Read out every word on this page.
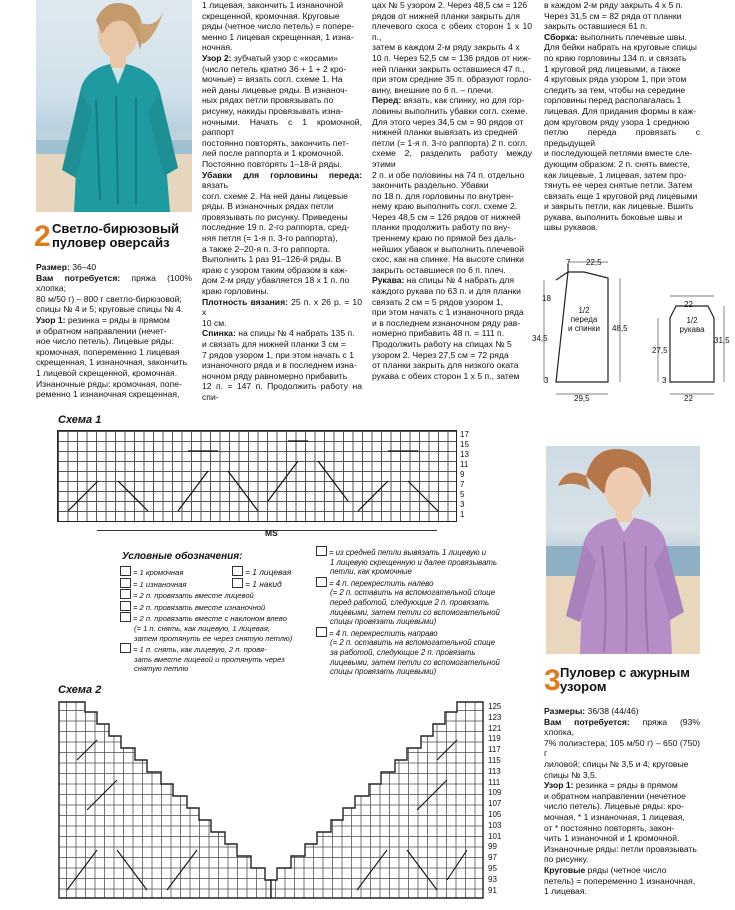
2 Светло-бирюзовый
пуловер оверсайз

Размер: 36–40

Вам потребуется: пряжа (100% хлопка;

80 м/50 г) – 800 г светло-бирюзовой;

спицы № 4 и 5; круговые спицы № 4.

Узор 1: резинка = ряды в прямом

и обратном направлении (нечет-

ное число петель). Лицевые ряды:

кромочная, попеременно 1 лицевая

скрещенная, 1 изнаночная, закончить

1 лицевой скрещенной, кромочная.

Изнаночные ряды: кромочная, попе-

ременно 1 изнаночная скрещенная,

1 лицевая, закончить 1 изнаночной

скрещенной, кромочная. Круговые

ряды (четное число петель) = попере-

менно 1 лицевая скрещенная, 1 изна-

ночная.

Узор 2: зубчатый узор с «косами»

(число петель кратно 36 + 1 + 2 кро-

мочные) = вязать согл. схеме 1. На

ней даны лицевые ряды. В изнаноч-

ных рядах петли провязывать по

рисунку, накиды провязывать изна-

ночными. Начать с 1 кромочной, раппорт

постоянно повторять, закончить пет-

лей после раппорта и 1 кромочной.

Постоянно повторять 1–18-й ряды.

Убавки для горловины переда: вязать

согл. схеме 2. На ней даны лицевые

ряды. В изнаночных рядах петли

провязывать по рисунку. Приведены

последние 19 п. 2-го раппорта, сред-

няя петля (= 1-я п. 3-го раппорта),

а также 2–20-я п. 3-го раппорта.

Выполнить 1 раз 91–126-й ряды. В

краю с узором таким образом в каж-

дом 2-м ряду убавляется 18 х 1 п. по

краю горловины.

Плотность вязания: 25 п. х 26 р. = 10 х

10 см.

Спинка: на спицы № 4 набрать 135 п.

и связать для нижней планки 3 см =

7 рядов узором 1, при этом начать с 1

изнаночного ряда и в последнем изна-

ночном ряду равномерно прибавить

12 п. = 147 п. Продолжить работу на спи-

цах № 5 узором 2. Через 48,5 см = 126

рядов от нижней планки закрыть для

плечевого скоса с обеих сторон 1 х 10 п.,

затем в каждом 2-м ряду закрыть 4 х

10 п. Через 52,5 см = 136 рядов от ниж-

ней планки закрыть оставшиеся 47 п.,

при этом средние 35 п. образуют горло-

вину, внешние по 6 п. – плечи.

Перед: вязать, как спинку, но для гор-

ловины выполнить убавки согл. схеме.

Для этого через 34,5 см = 90 рядов от

нижней планки вывязать из средней

петли (= 1-я п. 3-го раппорта) 2 п. согл.

схеме 2, разделить работу между этими

2 п. и обе половины на 74 п. отдельно

закончить раздельно. Убавки

по 18 п. для горловины по внутрен-

нему краю выполнить согл. схеме 2.

Через 48,5 см = 126 рядов от нижней

планки продолжить работу по вну-

треннему краю по прямой без даль-

нейших убавок и выполнить плечевой

скос, как на спинке. На высоте спинки

закрыть оставшиеся по 6 п. плеч.

Рукава: на спицы № 4 набрать для

каждого рукава по 63 п. и для планки

связать 2 см = 5 рядов узором 1,

при этом начать с 1 изнаночного ряда

и в последнем изнаночном ряду рав-

номерно прибавить 48 п. = 111 п.

Продолжить работу на спицах № 5

узором 2. Через 27,5 см = 72 ряда

от планки закрыть для низкого оката

рукава с обеих сторон 1 х 5 п., затем

в каждом 2-м ряду закрыть 4 х 5 п.

Через 31,5 см = 82 ряда от планки

закрыть оставшиеся 61 п.

Сборка: выполнить плечевые швы.

Для бейки набрать на круговые спицы

по краю горловины 134 п. и связать

1 круговой ряд лицевыми, а также

4 круговых ряда узором 1, при этом

следить за тем, чтобы на середине

горловины перед располагалась 1

лицевая. Для придания формы в каж-

дом круговом ряду узора 1 среднюю

петлю переда провязать с предыдущей

и последующей петлями вместе сле-

дующим образом: 2 п. снять вместе,

как лицевые, 1 лицевая, затем про-

тянуть ее через снятые петли. Затем

связать еще 1 круговой ряд лицевыми

и закрыть петли, как лицевые. Вшить

рукава, выполнить боковые швы и

швы рукавов.

7 22,5
18
34,5
48,5
3
29,5
22
27,5
31,5
3
22
1/2
переда
и спинки
1/2
рукава
Схема 1
17
15
13
11
9
7
5
3
1
MS
Условные обозначения:
= 1 кромочная
= 1 изнаночная
= 2 п. провязать вместе лицевой
= 2 п. провязать вместе изнаночной
= 2 п. провязать вместе с наклоном влево
(= 1 п. снять, как лицевую, 1 лицевая,
затем протянуть ее через снятую петлю)
= 1 п. снять, как лицевую, 2 п. провя-
зать вместе лицевой и протянуть через
снятую петлю
= 1 лицевая
= 1 накид
= из средней петли вывязать 1 лицевую и
1 лицевую скрещенную и далее провязывать
петли, как кромочные
= 4 п. перекрестить налево
(= 2 п. оставить на вспомогательной спице
перед работой, следующие 2 п. провязать
лицевыми, затем петли со вспомогательной
спицы провязать лицевыми)
= 4 п. перекрестить направо
(= 2 п. оставить на вспомогательной спице
за работой, следующие 2 п. провязать
лицевыми, затем петли со вспомогательной
спицы провязать лицевыми)
Схема 2
125
123
121
119
117
115
113
111
109
107
105
103
101
99
97
95
93
91
3 Пуловер с ажурным
узором

Размеры: 36/38 (44/46)

Вам потребуется: пряжа (93% хлопка,

7% полиэстера; 105 м/50 г) – 650 (750) г

лиловой; спицы № 3,5 и 4; круговые

спицы № 3,5.

Узор 1: резинка = ряды в прямом

и обратном направлении (нечетное

число петель). Лицевые ряды: кро-

мочная, * 1 изнаночная, 1 лицевая,

от * постоянно повторять, закон-

чить 1 изнаночной и 1 кромочной.

Изнаночные ряды: петли провязывать

по рисунку.

Круговые ряды (четное число

петель) = попеременно 1 изнаночная,

1 лицевая.
